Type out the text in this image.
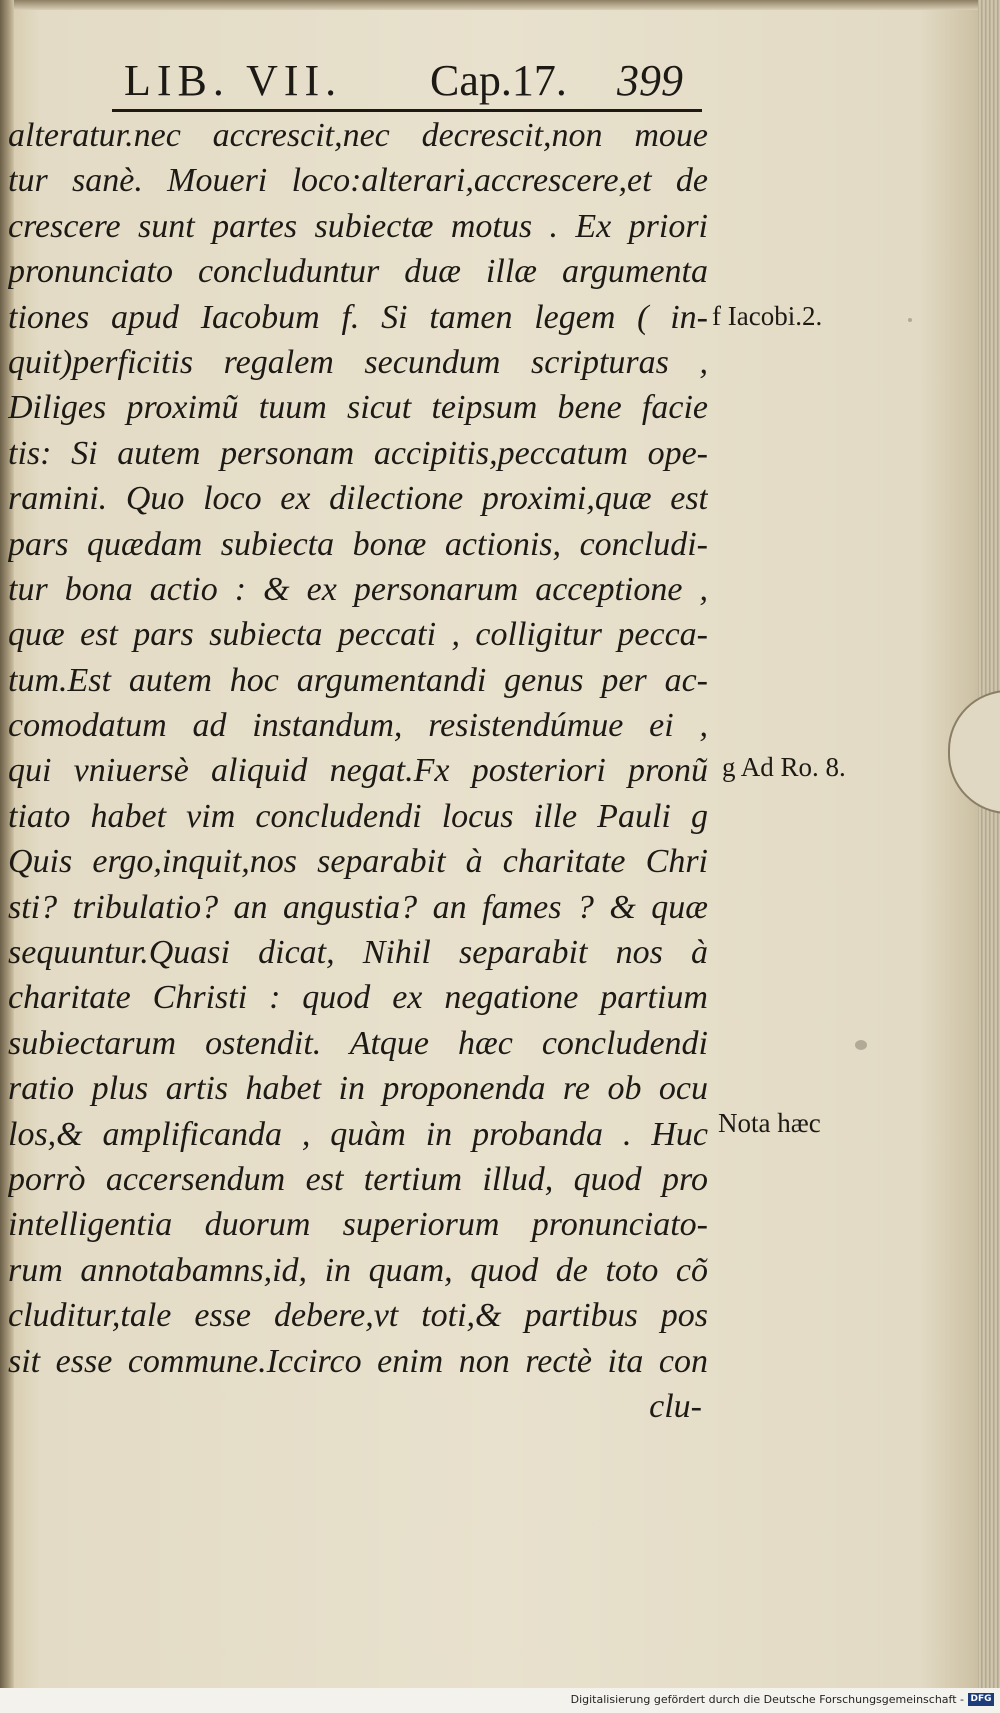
LIB. VII. Cap.17. 399
alteratur.nec accrescit,nec decrescit,non moue
tur sanè. Moueri loco:alterari,accrescere,et de
crescere sunt partes subiectæ motus . Ex priori
pronunciato concluduntur duæ illæ argumenta
tiones apud Iacobum f. Si tamen legem ( in-
quit)perficitis regalem secundum scripturas ,
Diliges proximũ tuum sicut teipsum bene facie
tis: Si autem personam accipitis,peccatum ope-
ramini. Quo loco ex dilectione proximi,quæ est
pars quædam subiecta bonæ actionis, concludi-
tur bona actio : & ex personarum acceptione ,
quæ est pars subiecta peccati , colligitur pecca-
tum.Est autem hoc argumentandi genus per ac-
comodatum ad instandum, resistendúmue ei ,
qui vniuersè aliquid negat.Fx posteriori pronũ
tiato habet vim concludendi locus ille Pauli g
Quis ergo,inquit,nos separabit à charitate Chri
sti? tribulatio? an angustia? an fames ? & quæ
sequuntur.Quasi dicat, Nihil separabit nos à
charitate Christi : quod ex negatione partium
subiectarum ostendit. Atque hæc concludendi
ratio plus artis habet in proponenda re ob ocu
los,& amplificanda , quàm in probanda . Huc
porrò accersendum est tertium illud, quod pro
intelligentia duorum superiorum pronunciato-
rum annotabamns,id, in quam, quod de toto cõ
cluditur,tale esse debere,vt toti,& partibus pos
sit esse commune.Iccirco enim non rectè ita con
clu-
f Iacobi.2.
g Ad Ro. 8.
Nota hæc
Digitalisierung gefördert durch die Deutsche Forschungsgemeinschaft - DFG
